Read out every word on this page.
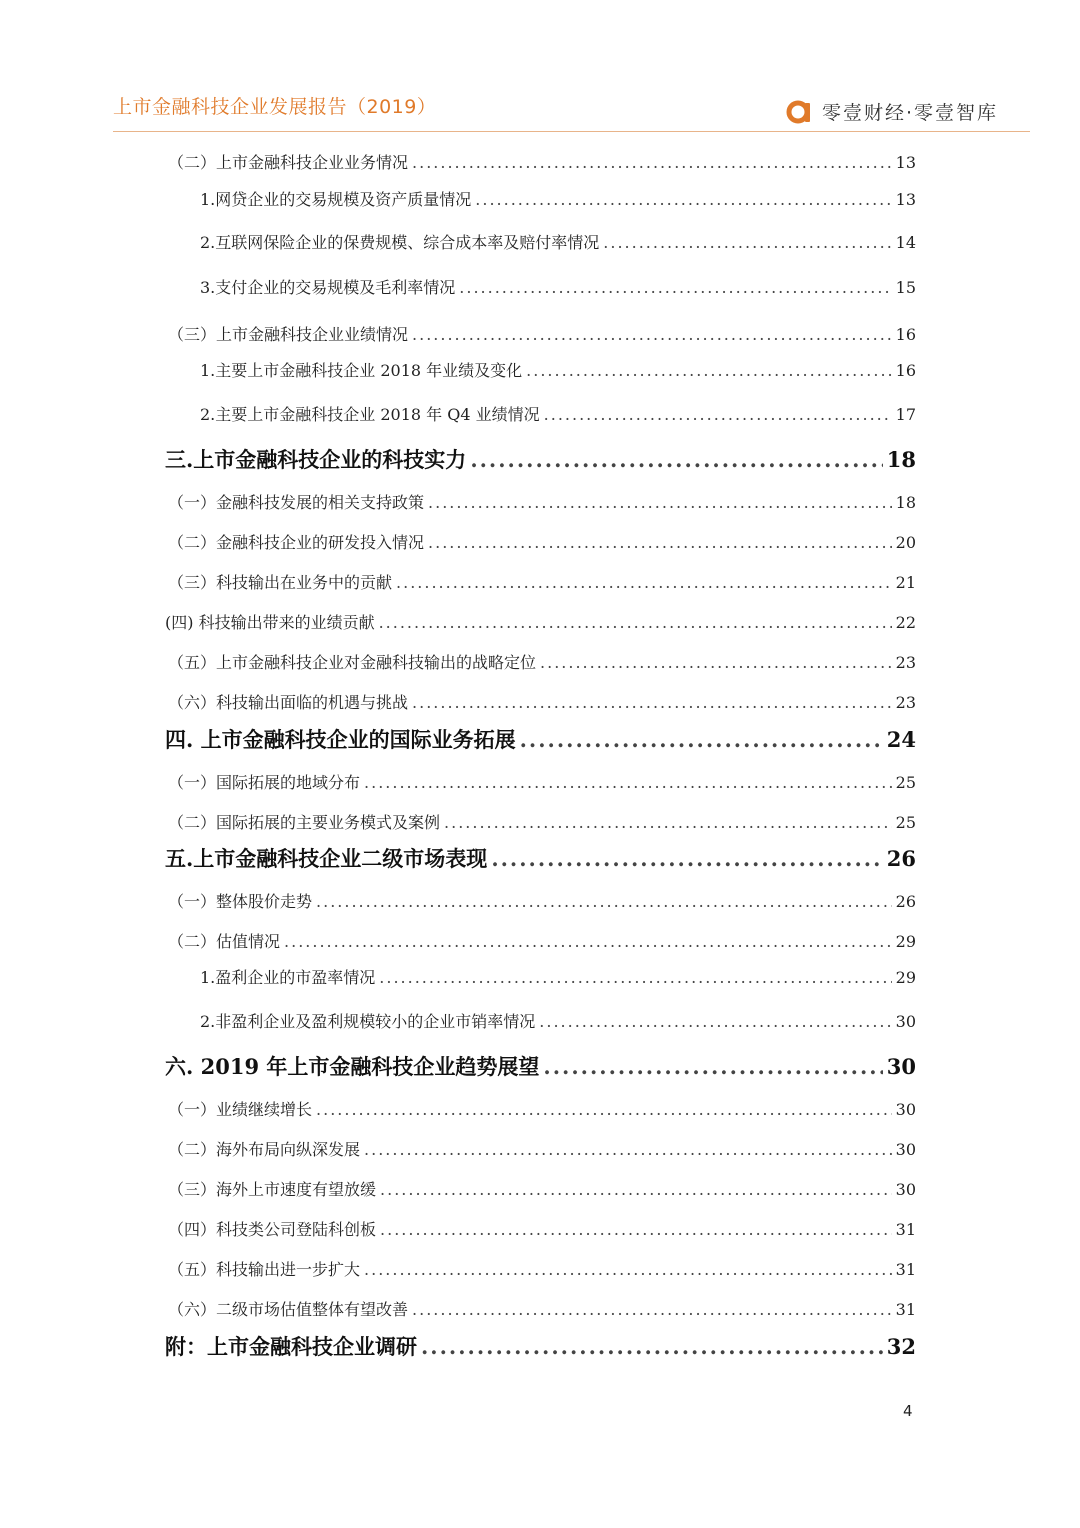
上市金融科技企业发展报告（2019）	零壹财经·零壹智库
（二）上市金融科技企业业务情况 .....	13
1.网贷企业的交易规模及资产质量情况 .....	13
2.互联网保险企业的保费规模、综合成本率及赔付率情况 .....	14
3.支付企业的交易规模及毛利率情况 .....	15
（三）上市金融科技企业业绩情况 .....	16
1.主要上市金融科技企业 2018 年业绩及变化 .....	16
2.主要上市金融科技企业 2018 年 Q4 业绩情况 .....	17
三.上市金融科技企业的科技实力 .....	18
（一）金融科技发展的相关支持政策 .....	18
（二）金融科技企业的研发投入情况 .....	20
（三）科技输出在业务中的贡献 .....	21
(四) 科技输出带来的业绩贡献 .....	22
（五）上市金融科技企业对金融科技输出的战略定位 .....	23
（六）科技输出面临的机遇与挑战 .....	23
四. 上市金融科技企业的国际业务拓展 .....	24
（一）国际拓展的地域分布 .....	25
（二）国际拓展的主要业务模式及案例 .....	25
五.上市金融科技企业二级市场表现 .....	26
（一）整体股价走势 .....	26
（二）估值情况 .....	29
1.盈利企业的市盈率情况 .....	29
2.非盈利企业及盈利规模较小的企业市销率情况 .....	30
六. 2019 年上市金融科技企业趋势展望 .....	30
（一）业绩继续增长 .....	30
（二）海外布局向纵深发展 .....	30
（三）海外上市速度有望放缓 .....	30
（四）科技类公司登陆科创板 .....	31
（五）科技输出进一步扩大 .....	31
（六）二级市场估值整体有望改善 .....	31
附：上市金融科技企业调研 .....	32
4
